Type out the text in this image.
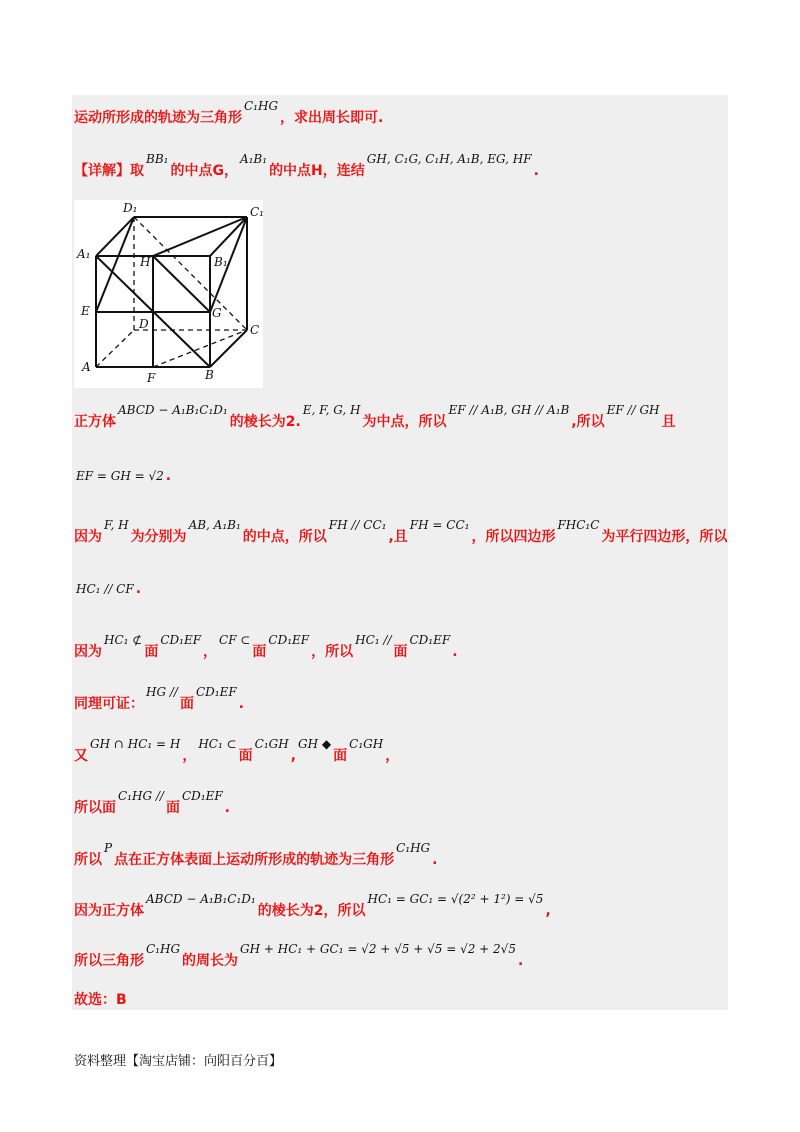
运动所形成的轨迹为三角形C₁HG，求出周长即可.
【详解】取BB₁的中点G，A₁B₁的中点H，连结GH, C₁G, C₁H, A₁B, EG, HF.
D₁	C₁
A₁
H	B₁
E	G
D	C
A
F	B
正方体ABCD − A₁B₁C₁D₁的棱长为2.E, F, G, H为中点，所以EF // A₁B, GH // A₁B,所以EF // GH且
EF = GH = √2 .
因为F, H为分别为AB, A₁B₁的中点，所以FH // CC₁,且FH = CC₁，所以四边形FHC₁C为平行四边形，所以
HC₁ // CF .
因为HC₁ ⊄面CD₁EF，CF ⊂面CD₁EF，所以HC₁ //面CD₁EF.
同理可证：HG //面CD₁EF.
又GH ∩ HC₁ = H，HC₁ ⊂面C₁GH,GH ◆面C₁GH，
所以面C₁HG //面CD₁EF.
所以P点在正方体表面上运动所形成的轨迹为三角形C₁HG.
因为正方体ABCD − A₁B₁C₁D₁的棱长为2，所以HC₁ = GC₁ = √(2² + 1²) = √5,
所以三角形C₁HG的周长为GH + HC₁ + GC₁ = √2 + √5 + √5 = √2 + 2√5.
故选：B
资料整理【淘宝店铺：向阳百分百】
